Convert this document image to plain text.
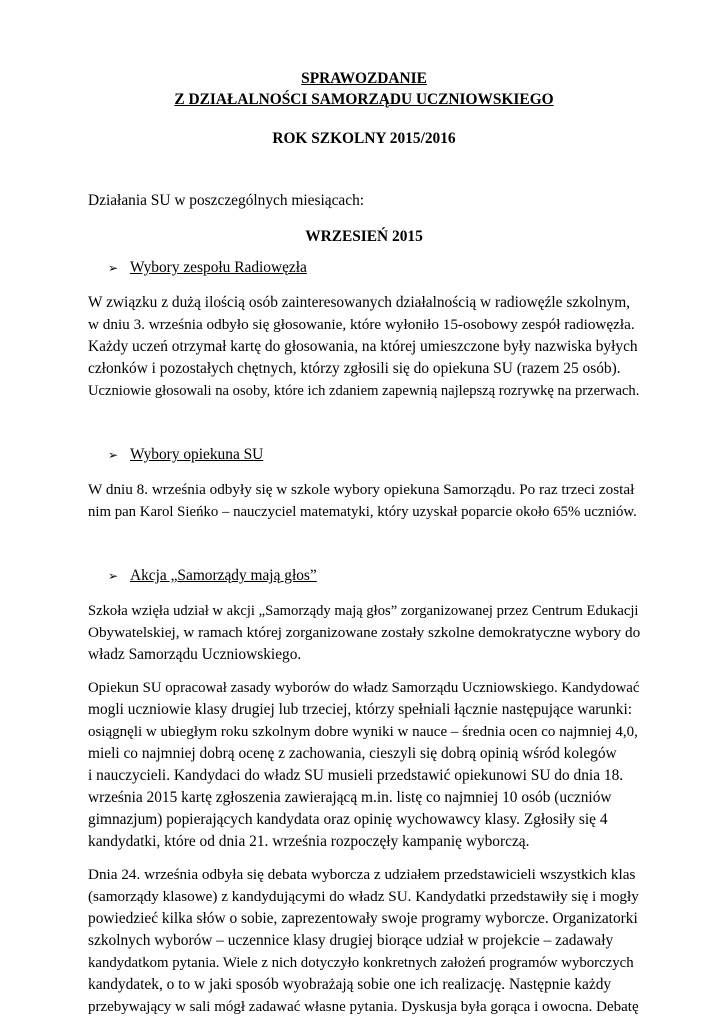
SPRAWOZDANIE
Z DZIAŁALNOŚCI SAMORZĄDU UCZNIOWSKIEGO
ROK SZKOLNY 2015/2016
Działania SU w poszczególnych miesiącach:
WRZESIEŃ 2015
➢ Wybory zespołu Radiowęzła
W związku z dużą ilością osób zainteresowanych działalnością w radiowęźle szkolnym,
w dniu 3. września odbyło się głosowanie, które wyłoniło 15-osobowy zespół radiowęzła.
Każdy uczeń otrzymał kartę do głosowania, na której umieszczone były nazwiska byłych
członków i pozostałych chętnych, którzy zgłosili się do opiekuna SU (razem 25 osób).
Uczniowie głosowali na osoby, które ich zdaniem zapewnią najlepszą rozrywkę na przerwach.
➢ Wybory opiekuna SU
W dniu 8. września odbyły się w szkole wybory opiekuna Samorządu. Po raz trzeci został
nim pan Karol Sieńko – nauczyciel matematyki, który uzyskał poparcie około 65% uczniów.
➢ Akcja „Samorządy mają głos”
Szkoła wzięła udział w akcji „Samorządy mają głos” zorganizowanej przez Centrum Edukacji
Obywatelskiej, w ramach której zorganizowane zostały szkolne demokratyczne wybory do
władz Samorządu Uczniowskiego.
Opiekun SU opracował zasady wyborów do władz Samorządu Uczniowskiego. Kandydować
mogli uczniowie klasy drugiej lub trzeciej, którzy spełniali łącznie następujące warunki:
osiągnęli w ubiegłym roku szkolnym dobre wyniki w nauce – średnia ocen co najmniej 4,0,
mieli co najmniej dobrą ocenę z zachowania, cieszyli się dobrą opinią wśród kolegów
i nauczycieli. Kandydaci do władz SU musieli przedstawić opiekunowi SU do dnia 18.
września 2015 kartę zgłoszenia zawierającą m.in. listę co najmniej 10 osób (uczniów
gimnazjum) popierających kandydata oraz opinię wychowawcy klasy. Zgłosiły się 4
kandydatki, które od dnia 21. września rozpoczęły kampanię wyborczą.
Dnia 24. września odbyła się debata wyborcza z udziałem przedstawicieli wszystkich klas
(samorządy klasowe) z kandydującymi do władz SU. Kandydatki przedstawiły się i mogły
powiedzieć kilka słów o sobie, zaprezentowały swoje programy wyborcze. Organizatorki
szkolnych wyborów – uczennice klasy drugiej biorące udział w projekcie – zadawały
kandydatkom pytania. Wiele z nich dotyczyło konkretnych założeń programów wyborczych
kandydatek, o to w jaki sposób wyobrażają sobie one ich realizację. Następnie każdy
przebywający w sali mógł zadawać własne pytania. Dyskusja była gorąca i owocna. Debatę
